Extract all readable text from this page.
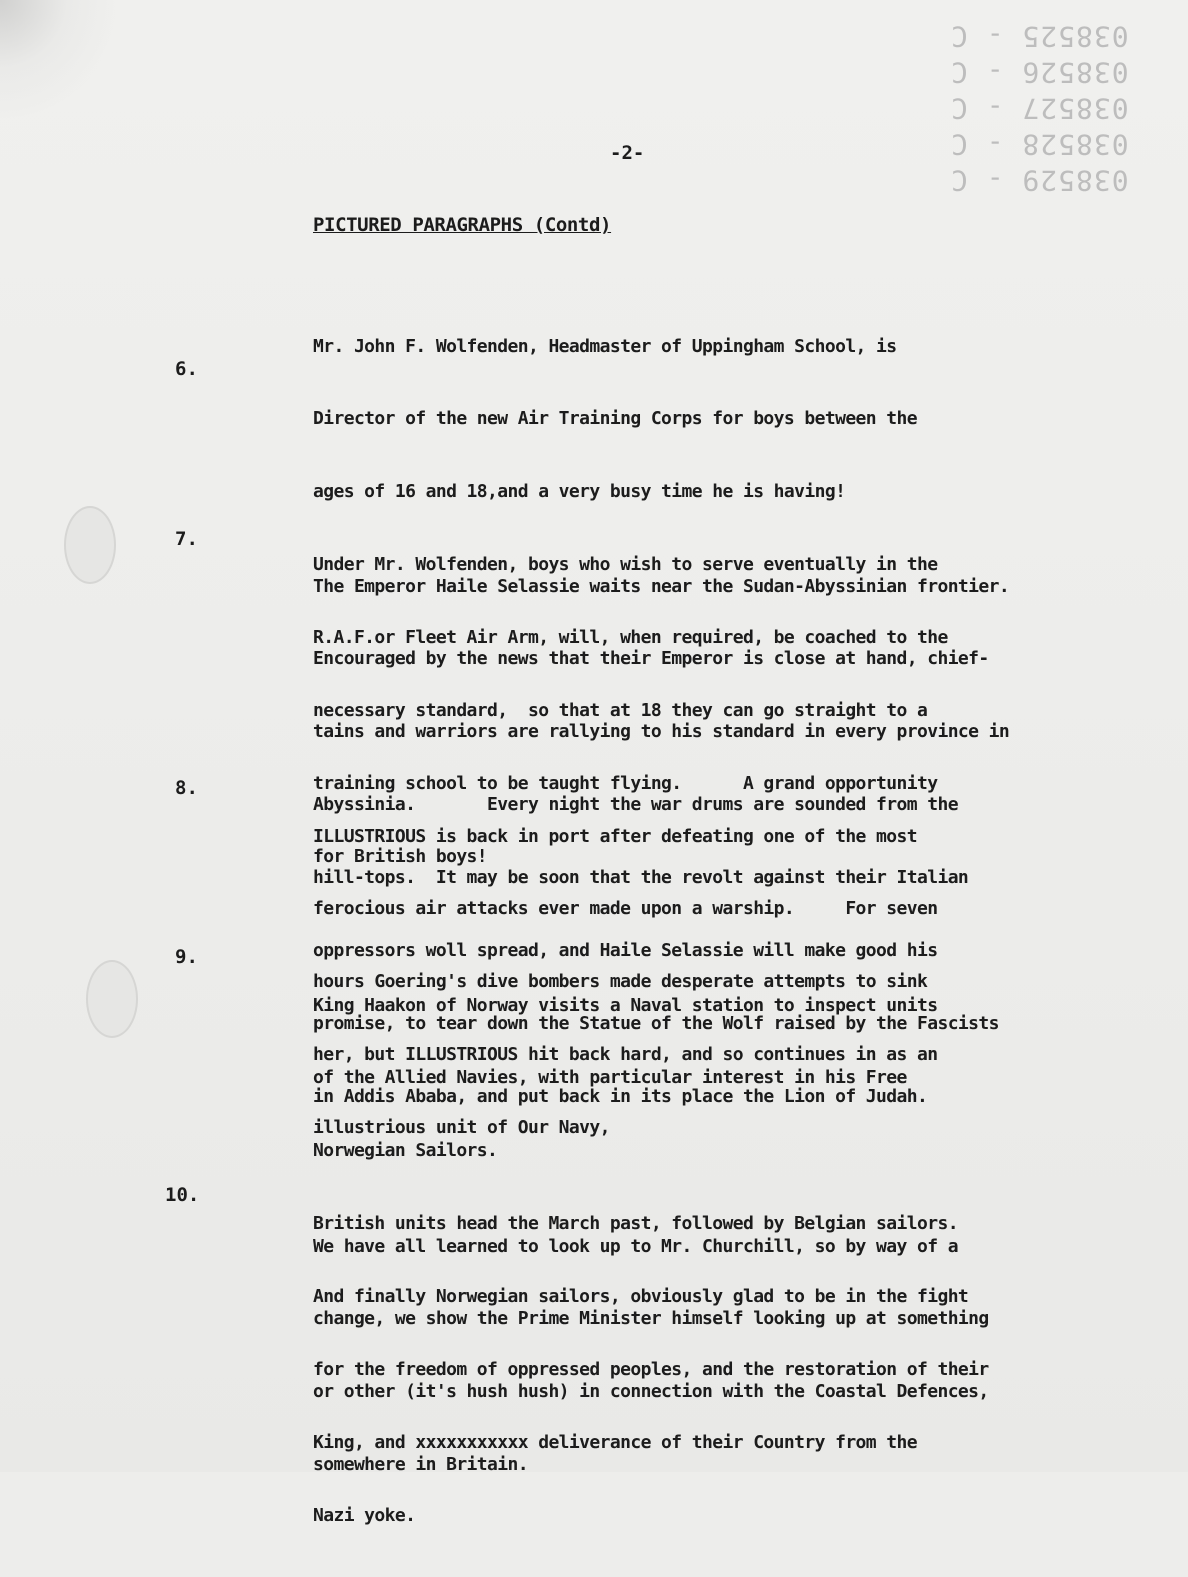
038529 - C
038528 - C
038527 - C
038526 - C
038525 - C
-2-
PICTURED PARAGRAPHS (Contd)
6.

Mr. John F. Wolfenden, Headmaster of Uppingham School, is

Director of the new Air Training Corps for boys between the

ages of 16 and 18,and a very busy time he is having!

Under Mr. Wolfenden, boys who wish to serve eventually in the

R.A.F.or Fleet Air Arm, will, when required, be coached to the

necessary standard,  so that at 18 they can go straight to a

training school to be taught flying.      A grand opportunity

for British boys!

7.

The Emperor Haile Selassie waits near the Sudan-Abyssinian frontier.

Encouraged by the news that their Emperor is close at hand, chief-

tains and warriors are rallying to his standard in every province in

Abyssinia.       Every night the war drums are sounded from the

hill-tops.  It may be soon that the revolt against their Italian

oppressors woll spread, and Haile Selassie will make good his

promise, to tear down the Statue of the Wolf raised by the Fascists

in Addis Ababa, and put back in its place the Lion of Judah.

8.

ILLUSTRIOUS is back in port after defeating one of the most

ferocious air attacks ever made upon a warship.     For seven

hours Goering's dive bombers made desperate attempts to sink

her, but ILLUSTRIOUS hit back hard, and so continues in as an

illustrious unit of Our Navy,

9.

King Haakon of Norway visits a Naval station to inspect units

of the Allied Navies, with particular interest in his Free

Norwegian Sailors.

British units head the March past, followed by Belgian sailors.

And finally Norwegian sailors, obviously glad to be in the fight

for the freedom of oppressed peoples, and the restoration of their

King, and xxxxxxxxxxx deliverance of their Country from the

Nazi yoke.

10.

We have all learned to look up to Mr. Churchill, so by way of a

change, we show the Prime Minister himself looking up at something

or other (it's hush hush) in connection with the Coastal Defences,

somewhere in Britain.
